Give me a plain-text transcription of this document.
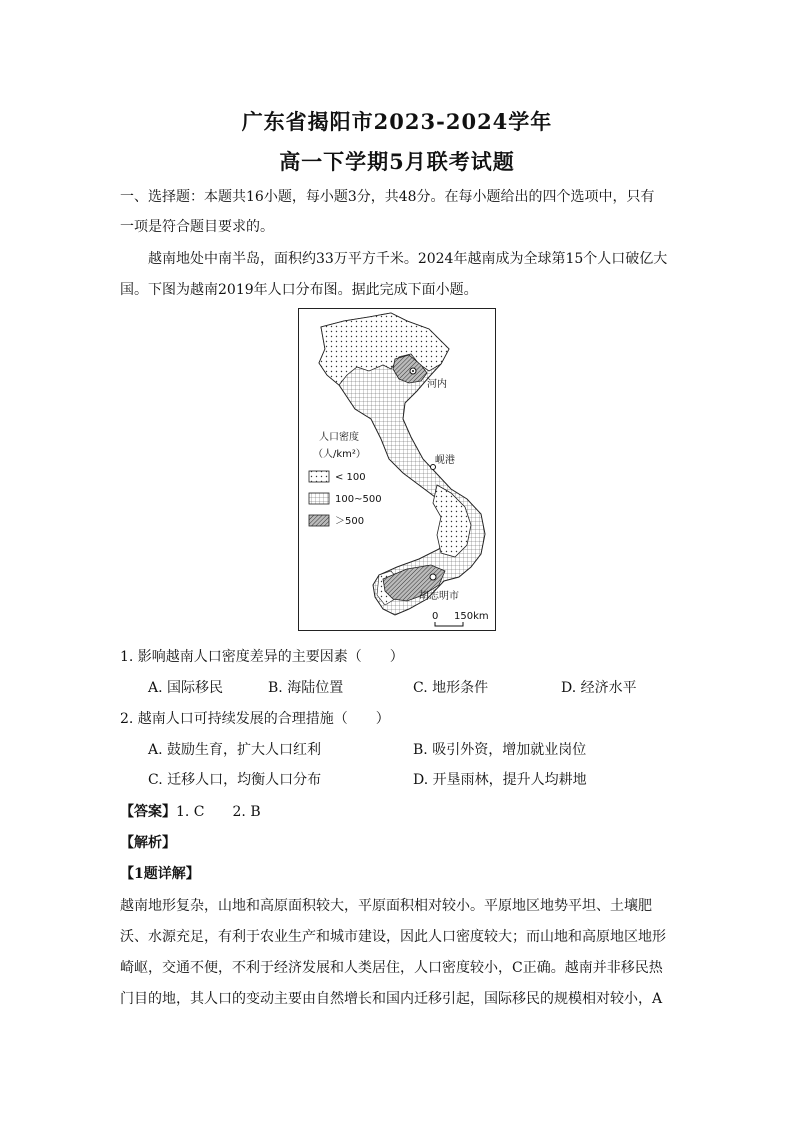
广东省揭阳市2023-2024学年
高一下学期5月联考试题
一、选择题：本题共16小题，每小题3分，共48分。在每小题给出的四个选项中，只有
一项是符合题目要求的。
越南地处中南半岛，面积约33万平方千米。2024年越南成为全球第15个人口破亿大
国。下图为越南2019年人口分布图。据此完成下面小题。
河内
岘港
胡志明市
人口密度
（人/km²）
< 100
100~500
＞500
0 150km
1. 影响越南人口密度差异的主要因素（　　）
A. 国际移民	B. 海陆位置	C. 地形条件	D. 经济水平
2. 越南人口可持续发展的合理措施（　　）
A. 鼓励生育，扩大人口红利	B. 吸引外资，增加就业岗位
C. 迁移人口，均衡人口分布	D. 开垦雨林，提升人均耕地
【答案】1. C　　2. B
【解析】
【1题详解】
越南地形复杂，山地和高原面积较大，平原面积相对较小。平原地区地势平坦、土壤肥
沃、水源充足，有利于农业生产和城市建设，因此人口密度较大；而山地和高原地区地形
崎岖，交通不便，不利于经济发展和人类居住，人口密度较小，C正确。越南并非移民热
门目的地，其人口的变动主要由自然增长和国内迁移引起，国际移民的规模相对较小，A
